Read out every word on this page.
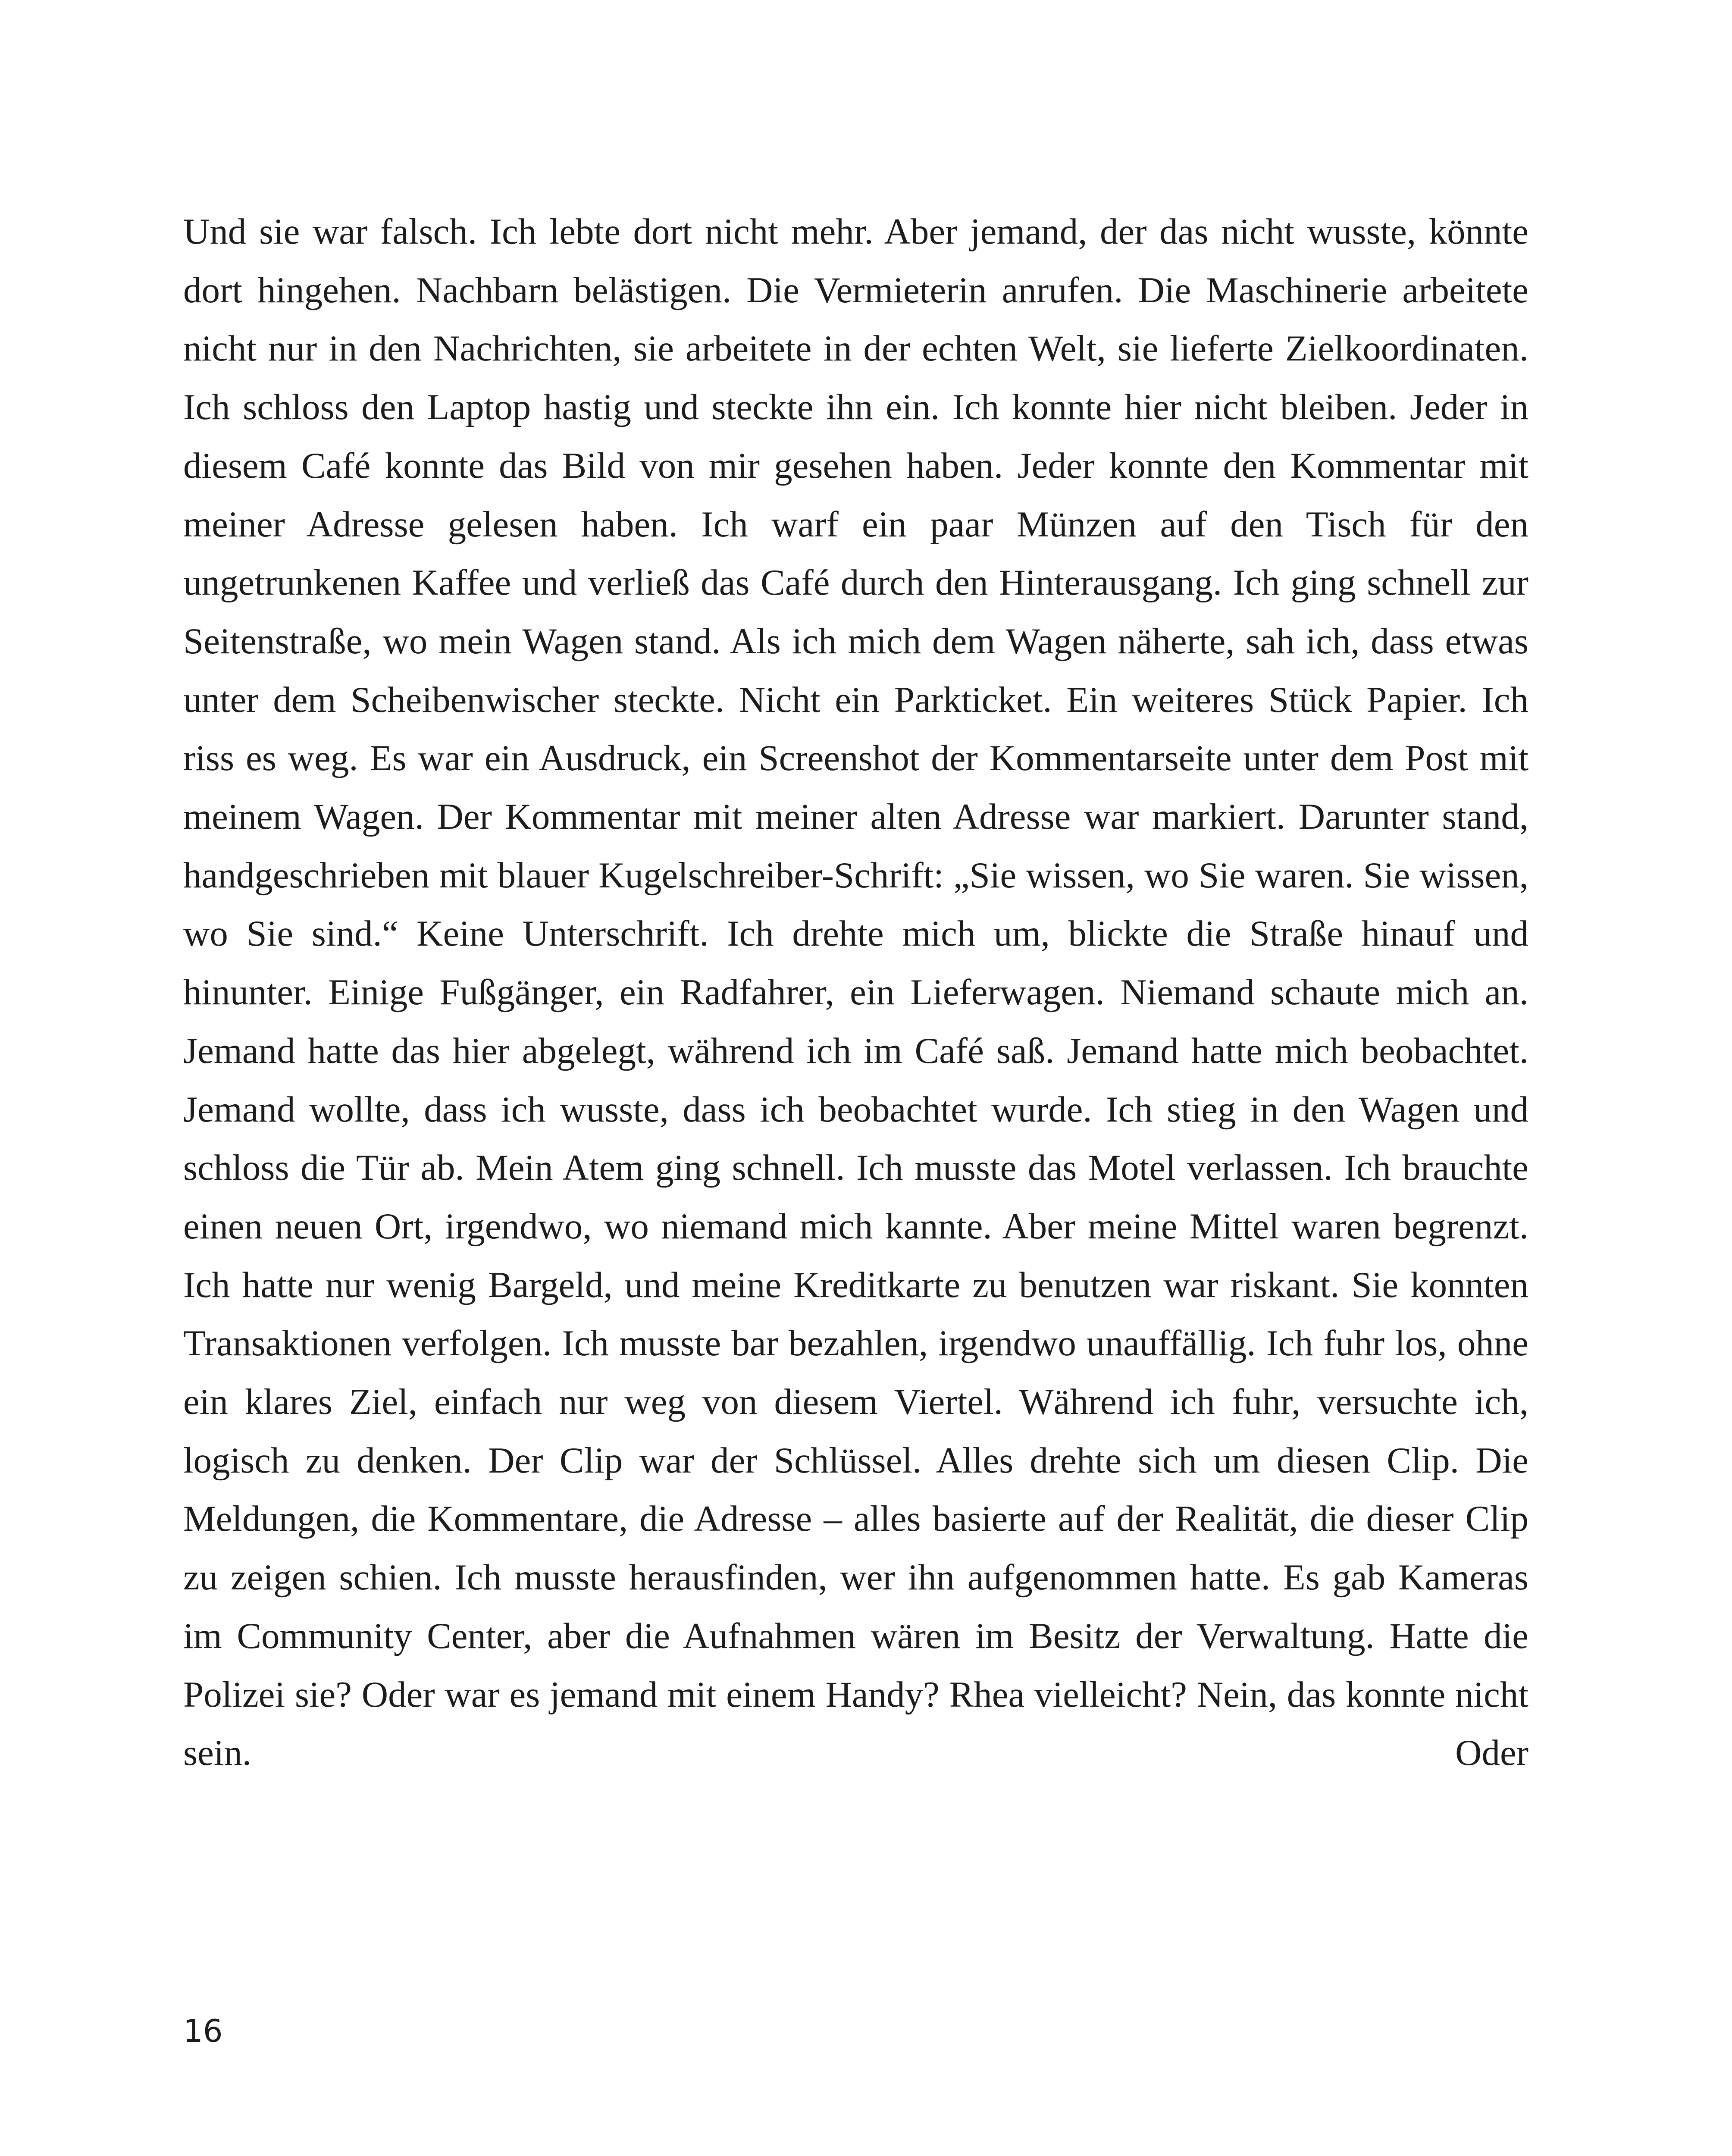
Und sie war falsch. Ich lebte dort nicht mehr. Aber jemand, der das nicht wusste, könnte dort hingehen. Nachbarn belästigen. Die Vermieterin anrufen. Die Maschinerie arbeitete nicht nur in den Nachrichten, sie arbeitete in der echten Welt, sie lieferte Zielkoordinaten. Ich schloss den Laptop hastig und steckte ihn ein. Ich konnte hier nicht bleiben. Jeder in diesem Café konnte das Bild von mir gesehen haben. Jeder konnte den Kommentar mit meiner Adresse gelesen haben. Ich warf ein paar Münzen auf den Tisch für den ungetrunkenen Kaffee und verließ das Café durch den Hinterausgang. Ich ging schnell zur Seitenstraße, wo mein Wagen stand. Als ich mich dem Wagen näherte, sah ich, dass etwas unter dem Scheibenwischer steckte. Nicht ein Parkticket. Ein weiteres Stück Papier. Ich riss es weg. Es war ein Ausdruck, ein Screenshot der Kommentarseite unter dem Post mit meinem Wagen. Der Kommentar mit meiner alten Adresse war markiert. Darunter stand, handgeschrieben mit blauer Kugelschreiber-Schrift: „Sie wissen, wo Sie waren. Sie wissen, wo Sie sind.“ Keine Unterschrift. Ich drehte mich um, blickte die Straße hinauf und hinunter. Einige Fußgänger, ein Radfahrer, ein Lieferwagen. Niemand schaute mich an. Jemand hatte das hier abgelegt, während ich im Café saß. Jemand hatte mich beobachtet. Jemand wollte, dass ich wusste, dass ich beobachtet wurde. Ich stieg in den Wagen und schloss die Tür ab. Mein Atem ging schnell. Ich musste das Motel verlassen. Ich brauchte einen neuen Ort, irgendwo, wo niemand mich kannte. Aber meine Mittel waren begrenzt. Ich hatte nur wenig Bargeld, und meine Kreditkarte zu benutzen war riskant. Sie konnten Transaktionen verfolgen. Ich musste bar bezahlen, irgendwo unauffällig. Ich fuhr los, ohne ein klares Ziel, einfach nur weg von diesem Viertel. Während ich fuhr, versuchte ich, logisch zu denken. Der Clip war der Schlüssel. Alles drehte sich um diesen Clip. Die Meldungen, die Kommentare, die Adresse – alles basierte auf der Realität, die dieser Clip zu zeigen schien. Ich musste herausfinden, wer ihn aufgenommen hatte. Es gab Kameras im Community Center, aber die Aufnahmen wären im Besitz der Verwaltung. Hatte die Polizei sie? Oder war es jemand mit einem Handy? Rhea vielleicht? Nein, das konnte nicht sein. Oder

16
